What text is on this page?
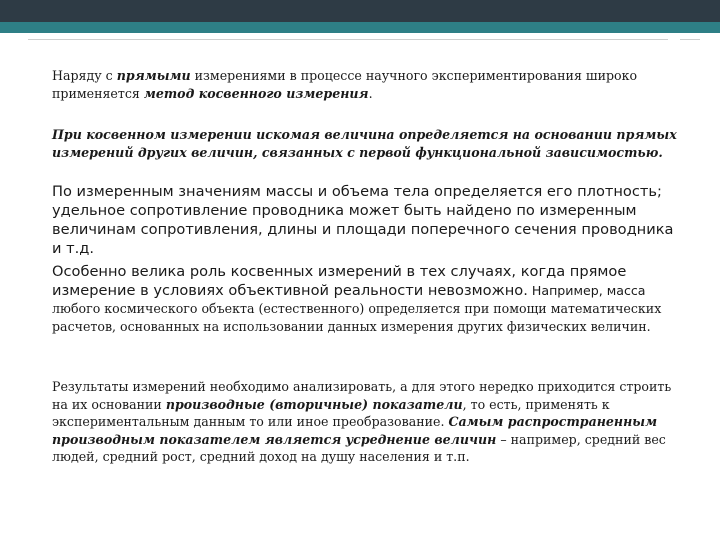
Наряду с прямыми измерениями в процессе научного экспериментирования широко применяется метод косвенного измерения.

При косвенном измерении искомая величина определяется на основании прямых измерений других величин, связанных с первой функциональной зависимостью.

По измеренным значениям массы и объема тела определяется его плотность; удельное сопротивление проводника может быть найдено по измеренным величинам сопротивления, длины и площади поперечного сечения проводника и т.д.

Особенно велика роль косвенных измерений в тех случаях, когда прямое измерение в условиях объективной реальности невозможно. Например, масса
любого космического объекта (естественного) определяется при помощи математических расчетов, основанных на использовании данных измерения других физических величин.

Результаты измерений необходимо анализировать, а для этого нередко приходится строить на их основании производные (вторичные) показатели, то есть, применять к экспериментальным данным то или иное преобразование. Самым распространенным производным показателем является усреднение величин – например, средний вес людей, средний рост, средний доход на душу населения и т.п.
